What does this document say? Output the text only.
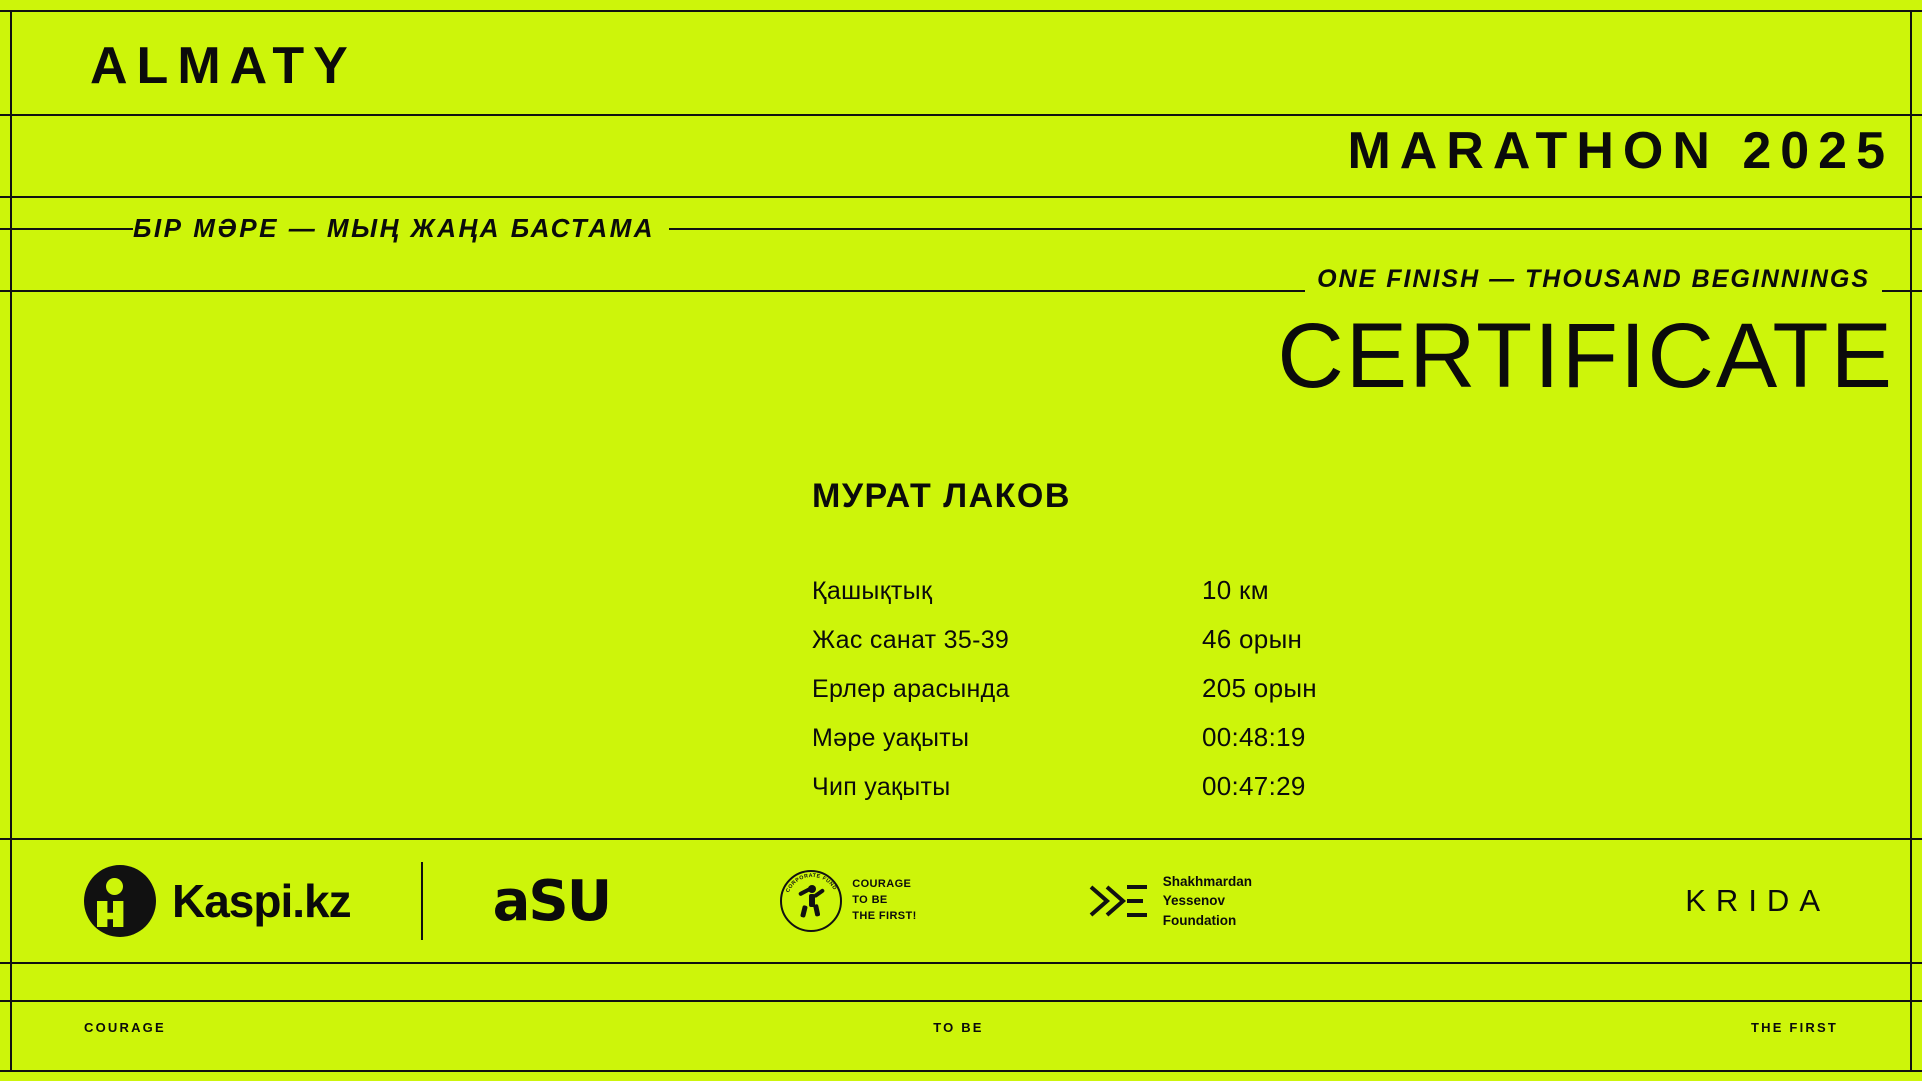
ALMATY
MARATHON 2025
БІР МӘРЕ — МЫҢ ЖАҢА БАСТАМА
ONE FINISH — THOUSAND BEGINNINGS
CERTIFICATE
МУРАТ ЛАКОВ
Қашықтық	10 км
Жас санат 35-39	46 орын
Ерлер арасында	205 орын
Мәре уақыты	00:48:19
Чип уақыты	00:47:29
Kaspi.kz	aSU	CORPORATE FUND COURAGE
TO BE
THE FIRST!
Shakhmardan
Yessenov
Foundation
KRIDA
COURAGE	TO BE	THE FIRST
